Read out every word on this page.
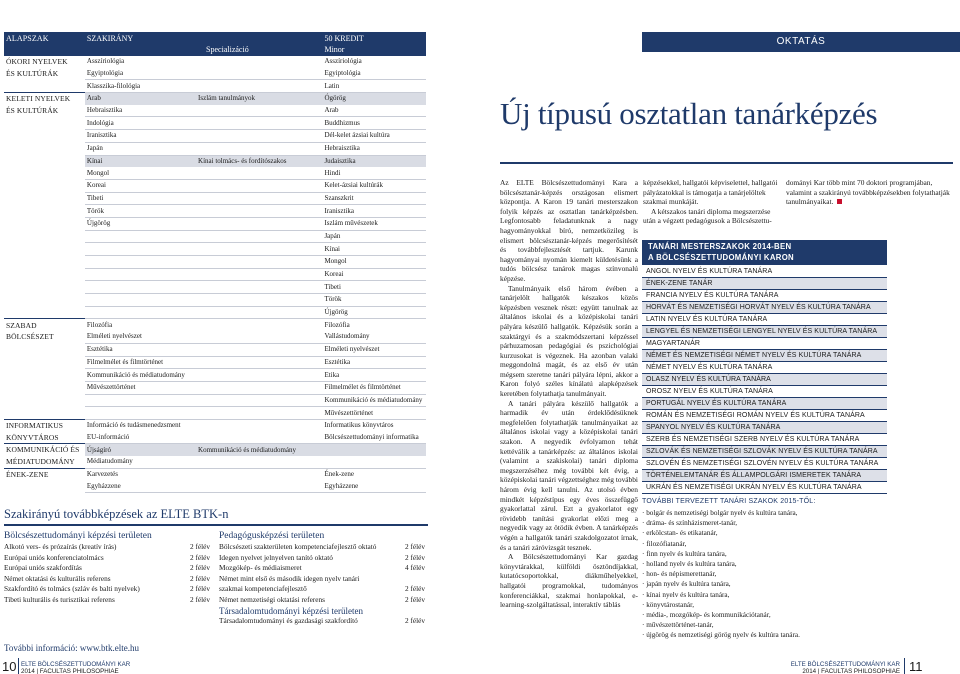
ALAPSZAK	SZAKIRÁNY		50 KREDIT
		Specializáció	Minor
ÓKORI NYELVEK	Asszíriológia		Asszíriológia
ÉS KULTÚRÁK	Egyiptológia		Egyiptológia
	Klasszika-filológia		Latin
KELETI NYELVEK	Arab	Iszlám tanulmányok	Ógörög
ÉS KULTÚRÁK	Hebraisztika		Arab
	Indológia		Buddhizmus
	Iranisztika		Dél-kelet ázsiai kultúra
	Japán		Hebraisztika
	Kínai	Kínai tolmács- és fordítószakos	Judaisztika
	Mongol		Hindi
	Koreai		Kelet-ázsiai kultúrák
	Tibeti		Szanszkrit
	Török		Iranisztika
	Újgörög		Iszlám művészetek
			Japán
			Kínai
			Mongol
			Koreai
			Tibeti
			Török
			Újgörög
SZABAD	Filozófia		Filozófia
BÖLCSÉSZET	Elméleti nyelvészet		Vallástudomány
	Esztétika		Elméleti nyelvészet
	Filmelmélet és filmtörténet		Esztétika
	Kommunikáció és médiatudomány		Etika
	Művészettörténet		Filmelmélet és filmtörténet
			Kommunikáció és médiatudomány
			Művészettörténet
INFORMATIKUS	Információ és tudásmenedzsment		Informatikus könyvtáros
KÖNYVTÁROS	EU-információ		Bölcsészettudományi informatika
KOMMUNIKÁCIÓ ÉS	Újságíró	Kommunikáció és médiatudomány	
MÉDIATUDOMÁNY	Médiatudomány		
ÉNEK-ZENE	Karvezetés		Ének-zene
	Egyházzene		Egyházzene
Szakirányú továbbképzések az ELTE BTK-n
Bölcsészettudományi képzési területen
Alkotó vers- és prózaírás (kreatív írás)	2 félév
Európai uniós konferenciatolmács	2 félév
Európai uniós szakfordítás	2 félév
Német oktatási és kulturális referens	2 félév
Szakfordító és tolmács (szláv és balti nyelvek)	2 félév
Tibeti kulturális és turisztikai referens	2 félév
Pedagógusképzési területen
Bölcsészeti szakterületen kompetenciafejlesztő oktató	2 félév
Idegen nyelvet jelnyelven tanító oktató	2 félév
Mozgókép- és médiaismeret	4 félév
Német mint első és második idegen nyelv tanári
szakmai kompetenciafejlesztő	2 félév
Német nemzetiségi oktatási referens	2 félév
Társadalomtudományi képzési területen
Társadalomtudományi és gazdasági szakfordító	2 félév
További információ: www.btk.elte.hu
10 ELTE BÖLCSÉSZETTUDOMÁNYI KAR
2014 | FACULTAS PHILOSOPHIAE
OKTATÁS
Új típusú osztatlan tanárképzés

Az ELTE Bölcsészettudományi Kara a bölcsésztanár-képzés országosan elismert központja. A Karon 19 tanári mesterszakon folyik képzés az osztatlan tanárképzésben. Legfontosabb feladatunknak a nagy hagyományokkal bíró, nemzetközileg is elismert bölcsésztanár-képzés megerősítését és továbbfejlesztését tartjuk. Karunk hagyományai nyomán kiemelt küldetésünk a tudós bölcsész tanárok magas színvonalú képzése.

Tanulmányaik első három évében a tanárjelölt hallgatók készakos közös képzésben vesznek részt: együtt tanulnak az általános iskolai és a középiskolai tanári pályára készülő hallgatók. Képzésük során a szaktárgyi és a szakmódszertani képzéssel párhuzamosan pedagógiai és pszichológiai kurzusokat is végeznek. Ha azonban valaki meggondolná magát, és az első év után mégsem szeretne tanári pályára lépni, akkor a Karon folyó széles kínálatú alapképzések keretében folytathatja tanulmányait.

A tanári pályára készülő hallgatók a harmadik év után érdeklődésüknek megfelelően folytathatják tanulmányaikat az általános iskolai vagy a középiskolai tanári szakon. A negyedik évfolyamon tehát kettéválik a tanárképzés: az általános iskolai (valamint a szakiskolai) tanári diploma megszerzéséhez még további két évig, a középiskolai tanári végzettséghez még további három évig kell tanulni. Az utolsó évben mindkét képzéstípus egy éves összefüggő gyakorlattal zárul. Ezt a gyakorlatot egy rövidebb tanítási gyakorlat előzi meg a negyedik vagy az ötödik évben. A tanárképzés végén a hallgatók tanári szakdolgozatot írnak, és a tanári záróvizsgát tesznek.

A Bölcsészettudományi Kar gazdag könyvtárakkal, külföldi ösztöndíjakkal, kutatócsoportokkal, diákműhelyekkel, hallgatói programokkal, tudományos konferenciákkal, szakmai honlapokkal, e-learning-szolgáltatással, interaktív táblás

képzésekkel, hallgatói képviselettel, hallgatói pályázatokkal is támogatja a tanárjelöltek szakmai munkáját.

A kétszakos tanári diploma megszerzése után a végzett pedagógusok a Bölcsészettu-

dományi Kar több mint 70 doktori programjában, valamint a szakirányú továbbképzésekben folytathatják tanulmányaikat.
TANÁRI MESTERSZAKOK 2014-BEN
A BÖLCSÉSZETTUDOMÁNYI KARON
ANGOL NYELV ÉS KULTÚRA TANÁRA
ÉNEK-ZENE TANÁR
FRANCIA NYELV ÉS KULTÚRA TANÁRA
HORVÁT ÉS NEMZETISÉGI HORVÁT NYELV ÉS KULTÚRA TANÁRA
LATIN NYELV ÉS KULTÚRA TANÁRA
LENGYEL ÉS NEMZETISÉGI LENGYEL NYELV ÉS KULTÚRA TANÁRA
MAGYARTANÁR
NÉMET ÉS NEMZETISÉGI NÉMET NYELV ÉS KULTÚRA TANÁRA
NÉMET NYELV ÉS KULTÚRA TANÁRA
OLASZ NYELV ÉS KULTÚRA TANÁRA
OROSZ NYELV ÉS KULTÚRA TANÁRA
PORTUGÁL NYELV ÉS KULTÚRA TANÁRA
ROMÁN ÉS NEMZETISÉGI ROMÁN NYELV ÉS KULTÚRA TANÁRA
SPANYOL NYELV ÉS KULTÚRA TANÁRA
SZERB ÉS NEMZETISÉGI SZERB NYELV ÉS KULTÚRA TANÁRA
SZLOVÁK ÉS NEMZETISÉGI SZLOVÁK NYELV ÉS KULTÚRA TANÁRA
SZLOVÉN ÉS NEMZETISÉGI SZLOVÉN NYELV ÉS KULTÚRA TANÁRA
TÖRTÉNELEMTANÁR ÉS ÁLLAMPOLGÁRI ISMERETEK TANÁRA
UKRÁN ÉS NEMZETISÉGI UKRÁN NYELV ÉS KULTÚRA TANÁRA
TOVÁBBI TERVEZETT TANÁRI SZAKOK 2015-TŐL:
· bolgár és nemzetiségi bolgár nyelv és kultúra tanára,
· dráma- és színházismeret-tanár,
· erkölcstan- és etikatanár,
· filozófiatanár,
· finn nyelv és kultúra tanára,
· holland nyelv és kultúra tanára,
· hon- és népismerettanár,
· japán nyelv és kultúra tanára,
· kínai nyelv és kultúra tanára,
· könyvtárostanár,
· média-, mozgókép- és kommunikációtanár,
· művészettörténet-tanár,
· újgörög és nemzetiségi görög nyelv és kultúra tanára.
ELTE BÖLCSÉSZETTUDOMÁNYI KAR
2014 | FACULTAS PHILOSOPHIAE 11
